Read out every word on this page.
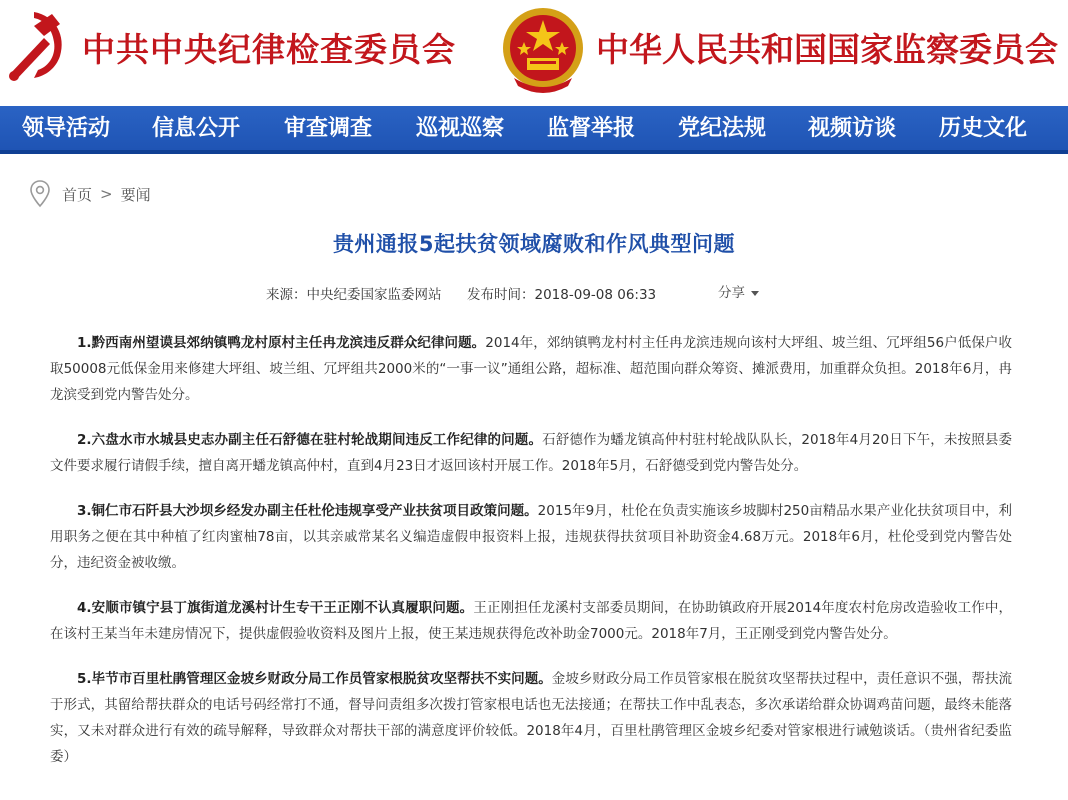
中共中央纪律检查委员会	中华人民共和国国家监察委员会
领导活动 信息公开 审查调查 巡视巡察 监督举报 党纪法规 视频访谈 历史文化
首页 > 要闻
贵州通报5起扶贫领域腐败和作风典型问题
来源：中央纪委国家监委网站 发布时间：2018-09-08 06:33	分享

1.黔西南州望谟县郊纳镇鸭龙村原村主任冉龙滨违反群众纪律问题。2014年，郊纳镇鸭龙村村主任冉龙滨违规向该村大坪组、坡兰组、冗坪组56户低保户收取50008元低保金用来修建大坪组、坡兰组、冗坪组共2000米的“一事一议”通组公路，超标准、超范围向群众筹资、摊派费用，加重群众负担。2018年6月，冉龙滨受到党内警告处分。

2.六盘水市水城县史志办副主任石舒德在驻村轮战期间违反工作纪律的问题。石舒德作为蟠龙镇高仲村驻村轮战队队长，2018年4月20日下午，未按照县委文件要求履行请假手续，擅自离开蟠龙镇高仲村，直到4月23日才返回该村开展工作。2018年5月，石舒德受到党内警告处分。

3.铜仁市石阡县大沙坝乡经发办副主任杜伦违规享受产业扶贫项目政策问题。2015年9月，杜伦在负责实施该乡坡脚村250亩精品水果产业化扶贫项目中，利用职务之便在其中种植了红肉蜜柚78亩，以其亲戚常某名义编造虚假申报资料上报，违规获得扶贫项目补助资金4.68万元。2018年6月，杜伦受到党内警告处分，违纪资金被收缴。

4.安顺市镇宁县丁旗街道龙溪村计生专干王正刚不认真履职问题。王正刚担任龙溪村支部委员期间，在协助镇政府开展2014年度农村危房改造验收工作中，在该村王某当年未建房情况下，提供虚假验收资料及图片上报，使王某违规获得危改补助金7000元。2018年7月，王正刚受到党内警告处分。

5.毕节市百里杜鹃管理区金坡乡财政分局工作员管家根脱贫攻坚帮扶不实问题。金坡乡财政分局工作员管家根在脱贫攻坚帮扶过程中，责任意识不强，帮扶流于形式，其留给帮扶群众的电话号码经常打不通，督导问责组多次拨打管家根电话也无法接通；在帮扶工作中乱表态，多次承诺给群众协调鸡苗问题，最终未能落实，又未对群众进行有效的疏导解释，导致群众对帮扶干部的满意度评价较低。2018年4月，百里杜鹃管理区金坡乡纪委对管家根进行诫勉谈话。（贵州省纪委监委）
